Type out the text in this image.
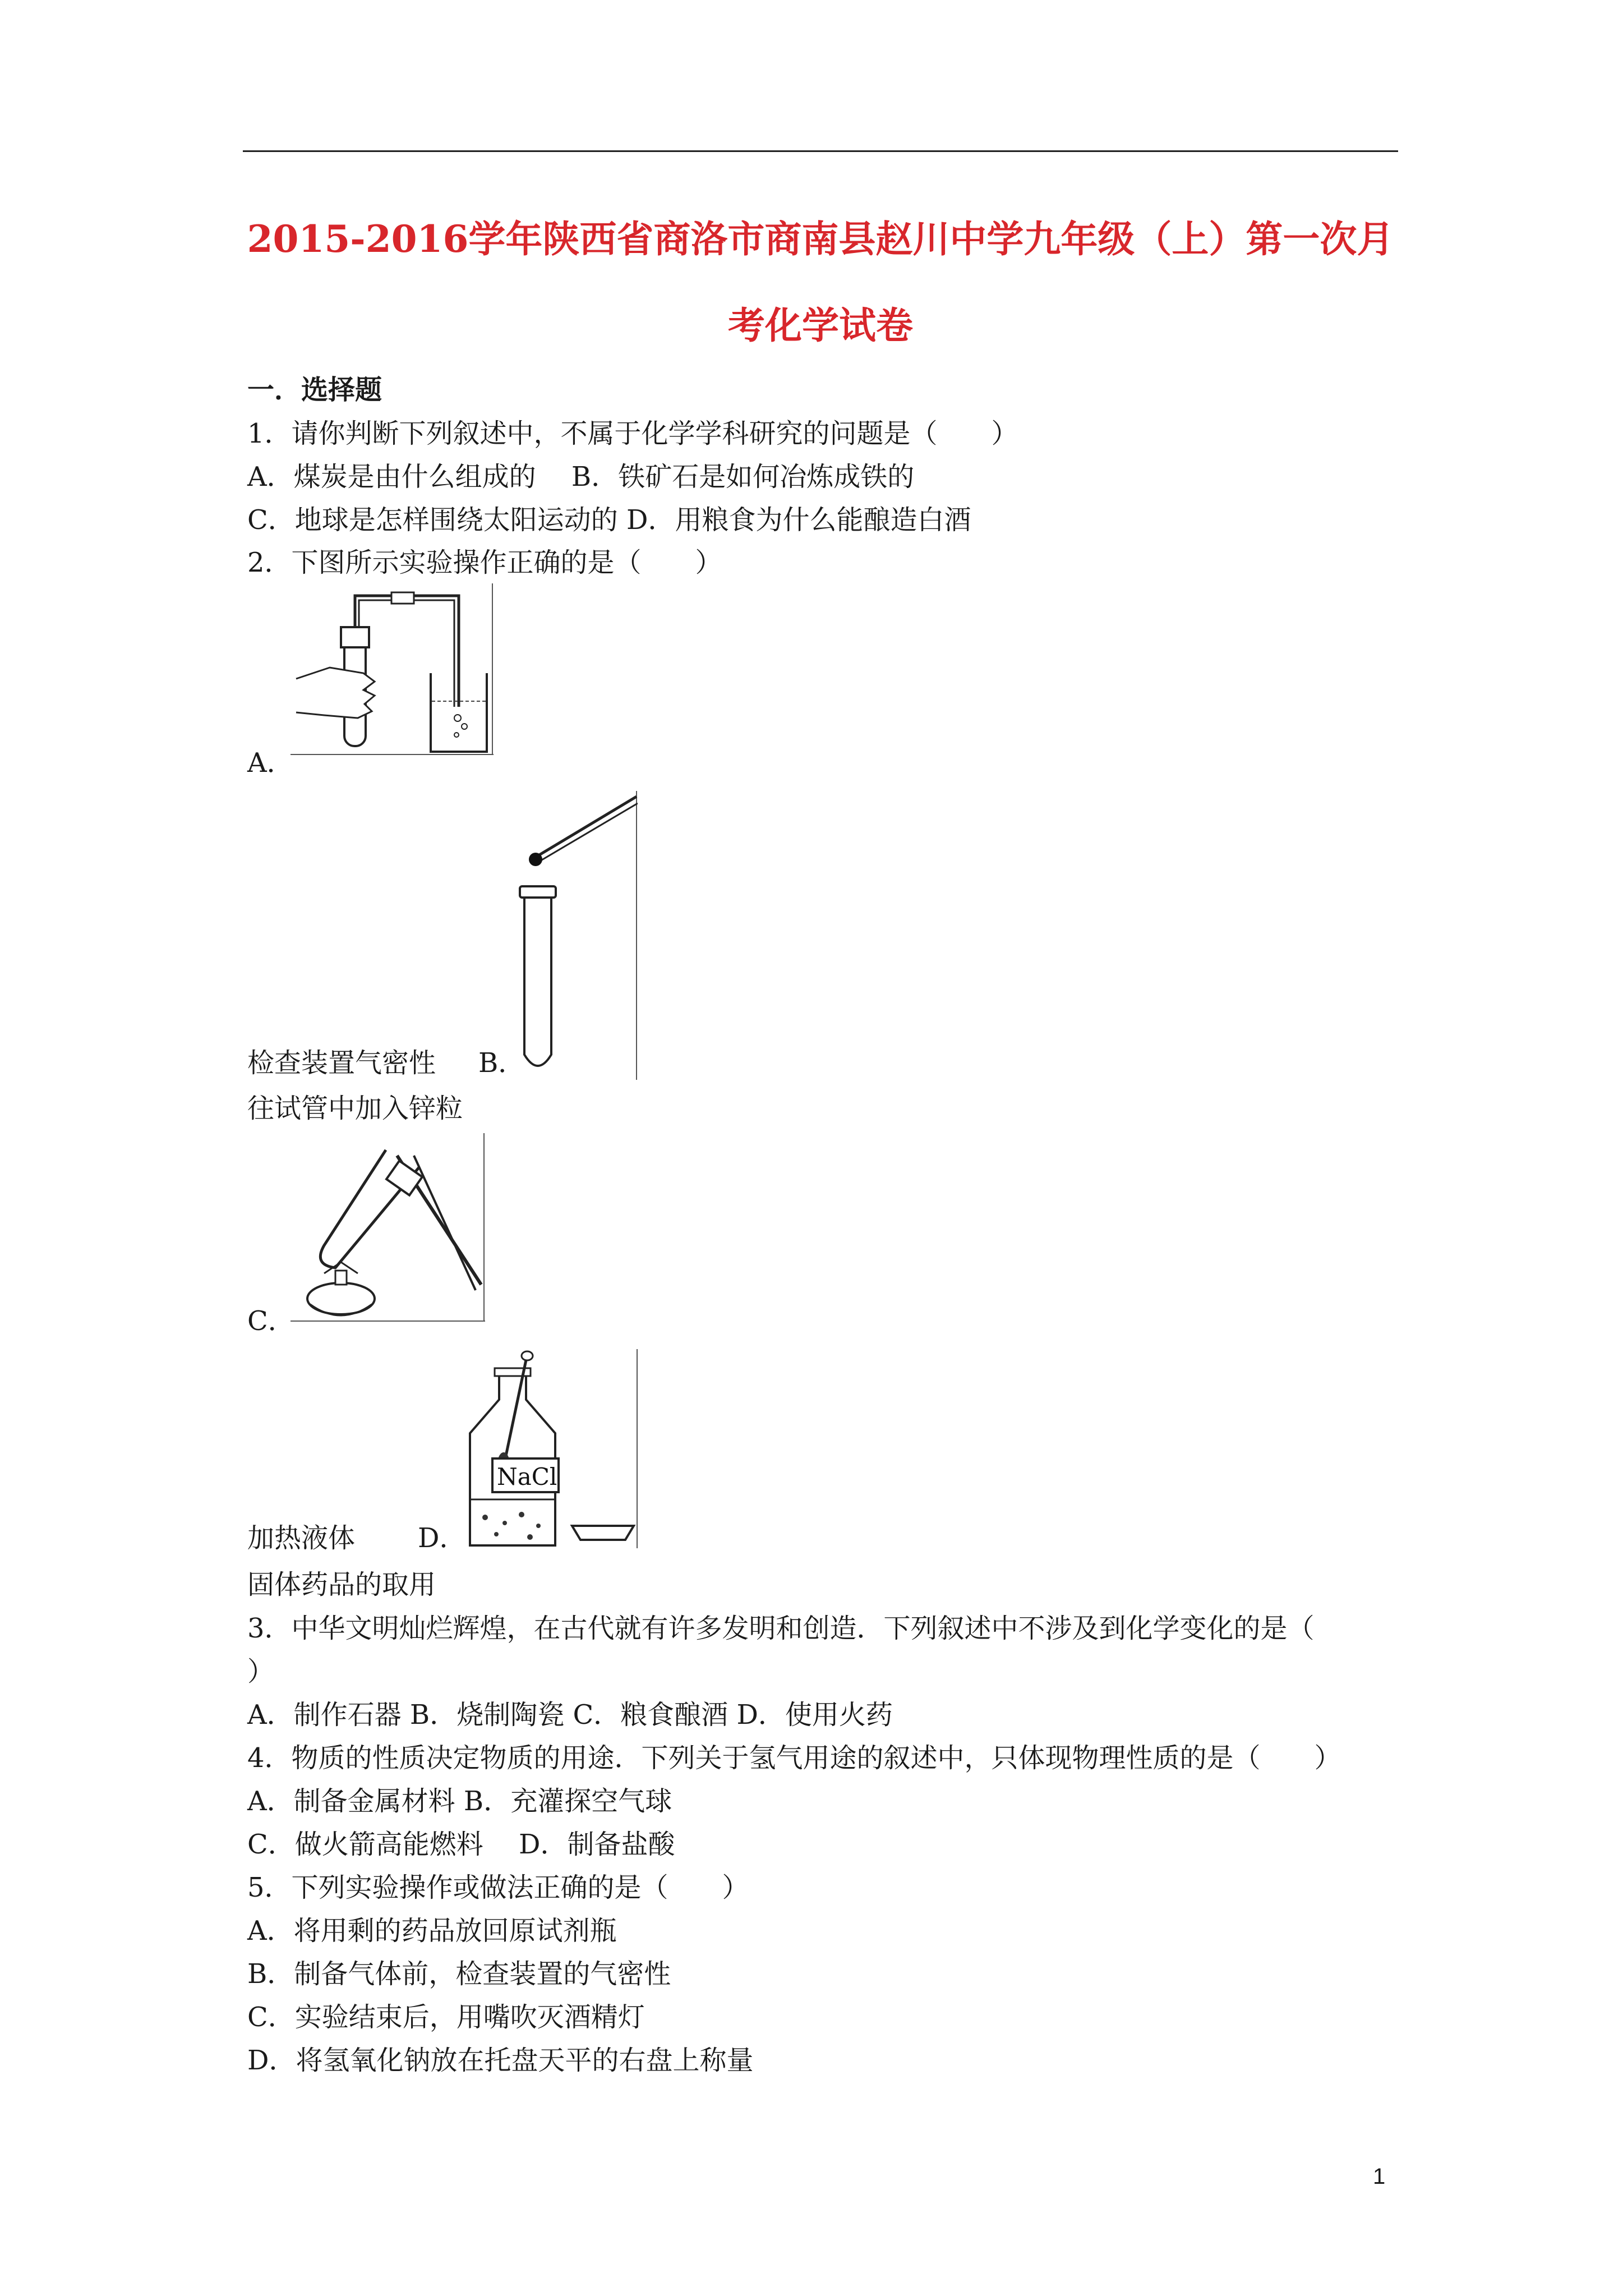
2015-2016学年陕西省商洛市商南县赵川中学九年级（上）第一次月
考化学试卷
一．选择题
1．请你判断下列叙述中，不属于化学学科研究的问题是（　　）
A．煤炭是由什么组成的　 B．铁矿石是如何冶炼成铁的
C．地球是怎样围绕太阳运动的 D．用粮食为什么能酿造白酒
2．下图所示实验操作正确的是（　　）
A．
检查装置气密性 B．
往试管中加入锌粒
C．
NaCl
加热液体 D．
固体药品的取用
3．中华文明灿烂辉煌，在古代就有许多发明和创造．下列叙述中不涉及到化学变化的是（
）
A．制作石器 B．烧制陶瓷 C．粮食酿酒 D．使用火药
4．物质的性质决定物质的用途．下列关于氢气用途的叙述中，只体现物理性质的是（　　）
A．制备金属材料 B．充灌探空气球
C．做火箭高能燃料　 D．制备盐酸
5．下列实验操作或做法正确的是（　　）
A．将用剩的药品放回原试剂瓶
B．制备气体前，检查装置的气密性
C．实验结束后，用嘴吹灭酒精灯
D．将氢氧化钠放在托盘天平的右盘上称量
1
